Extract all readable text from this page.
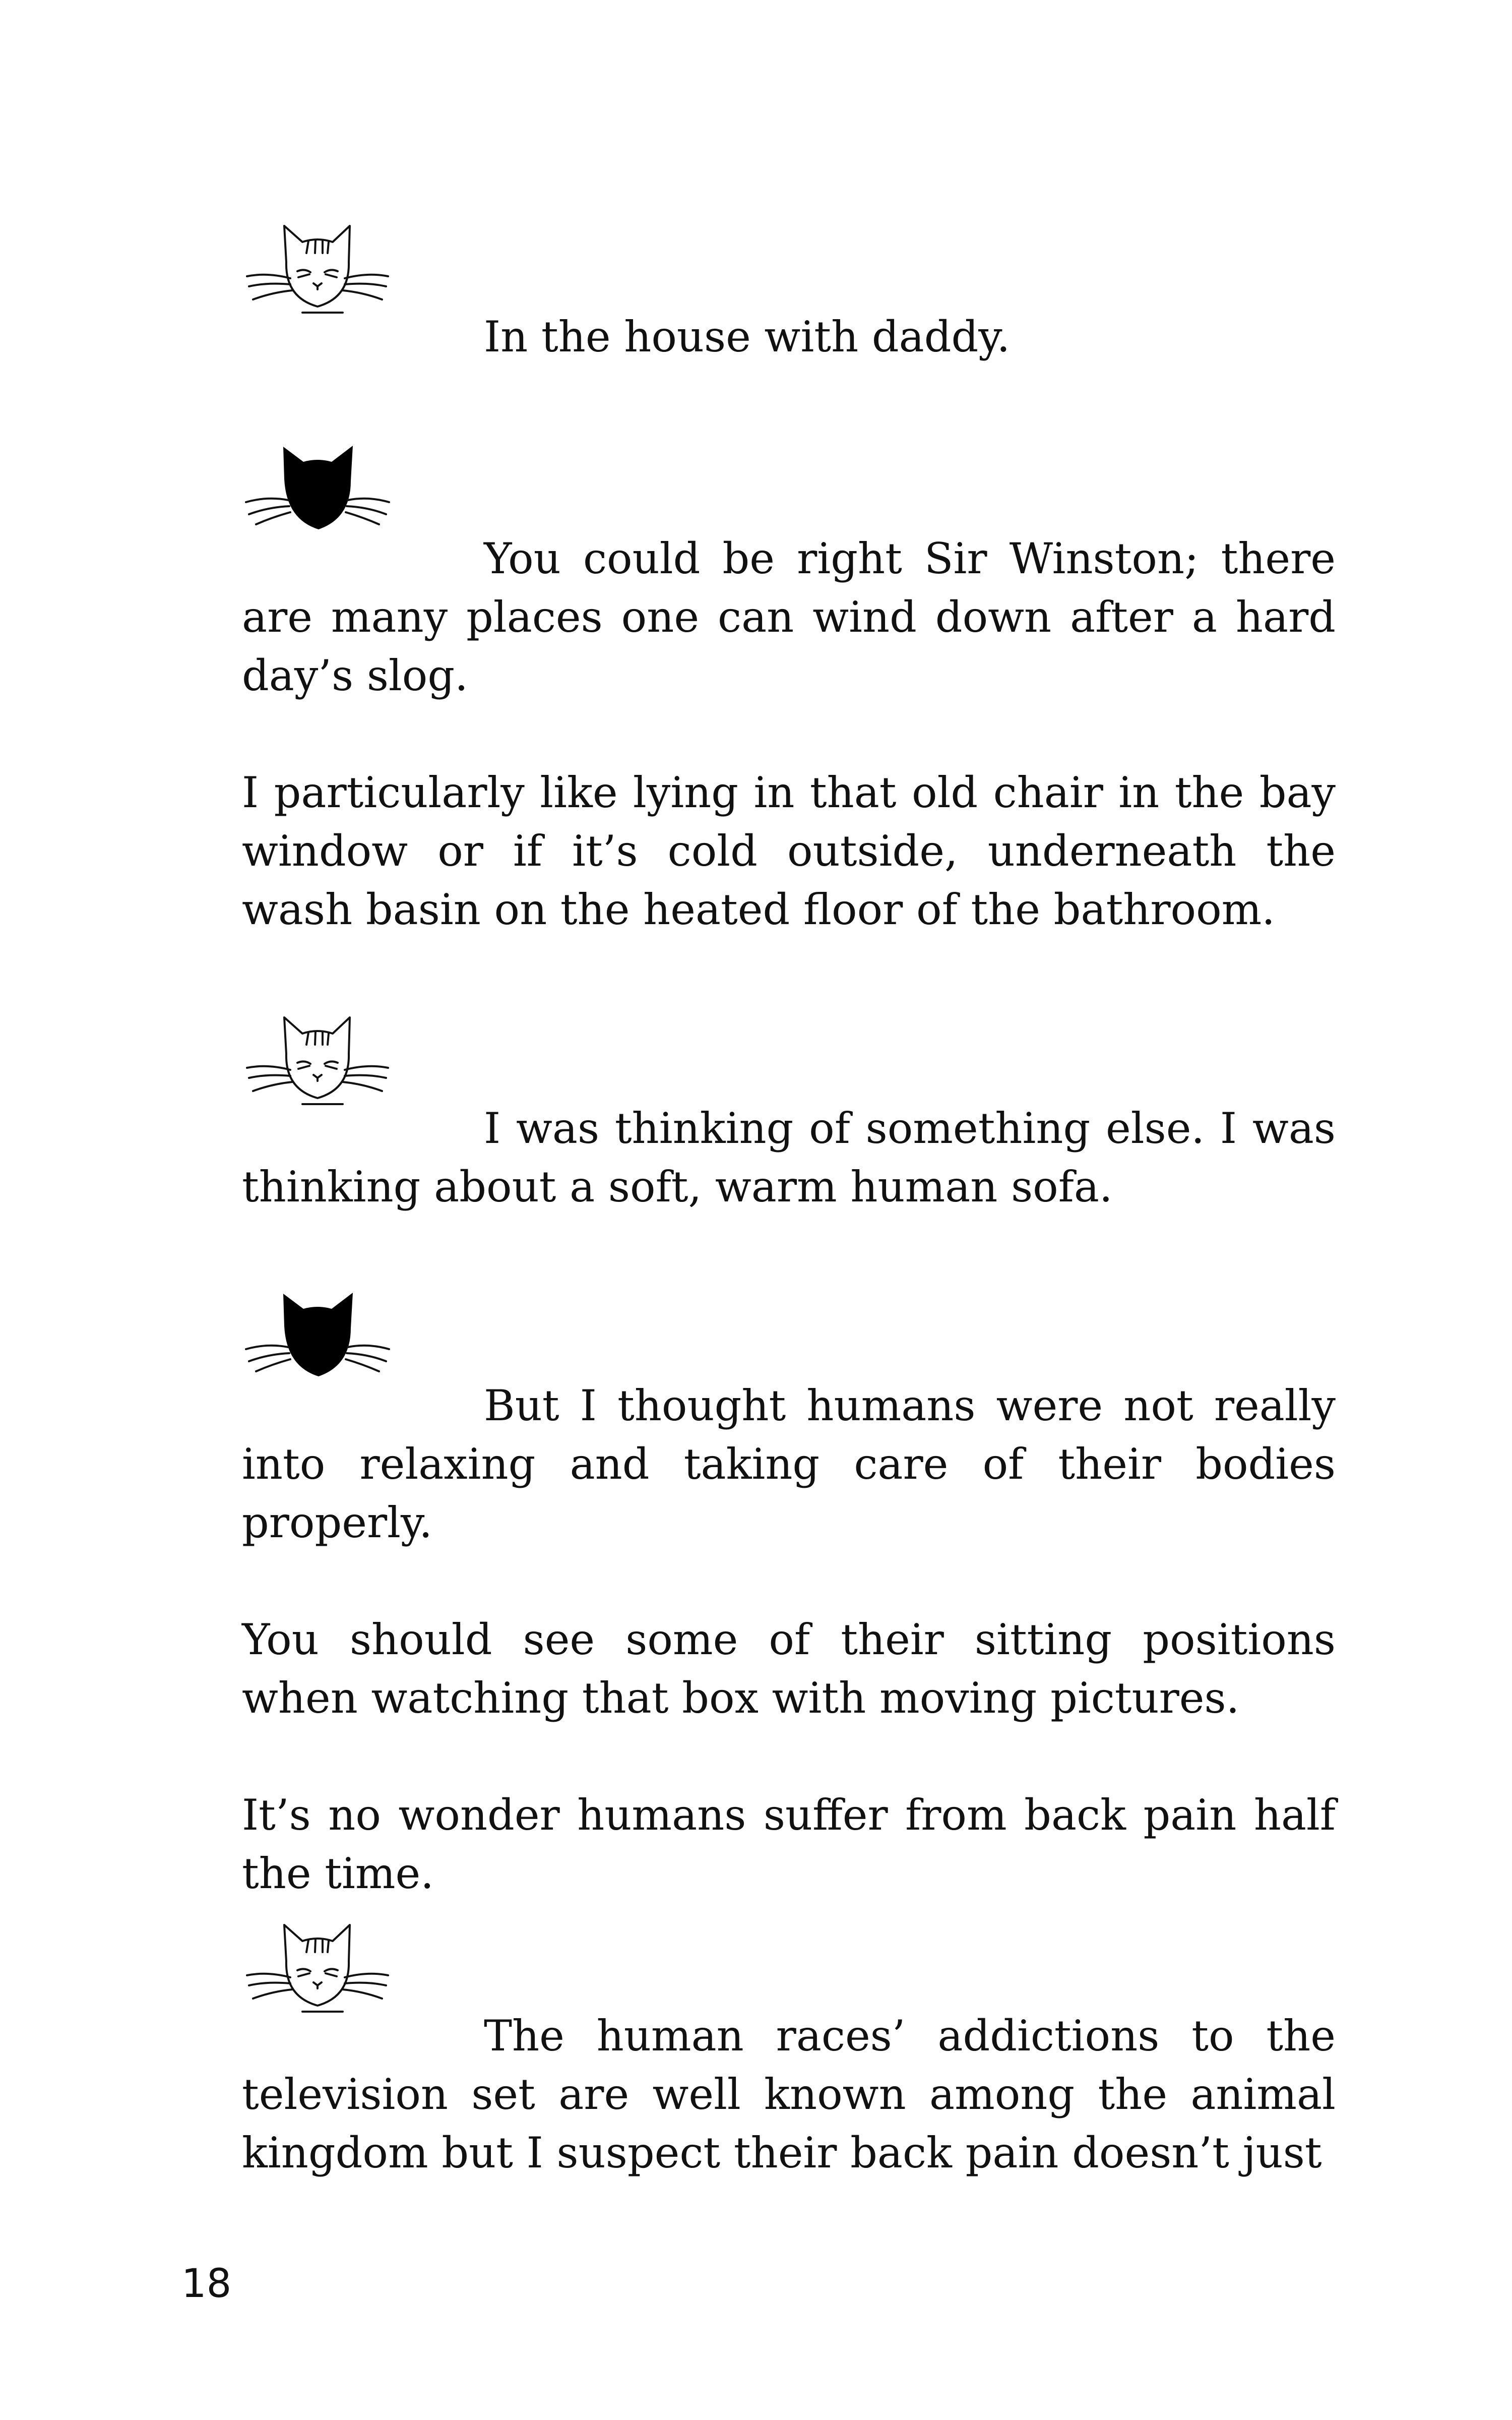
In the house with daddy.

You could be right Sir Winston; there are many places one can wind down after a hard day’s slog.

I particularly like lying in that old chair in the bay window or if it’s cold outside, underneath the wash basin on the heated floor of the bathroom.

I was thinking of something else. I was thinking about a soft, warm human sofa.

But I thought humans were not really into relaxing and taking care of their bodies properly.

You should see some of their sitting positions when watching that box with moving pictures.

It’s no wonder humans suffer from back pain half the time.

The human races’ addictions to the television set are well known among the animal kingdom but I suspect their back pain doesn’t just

18
